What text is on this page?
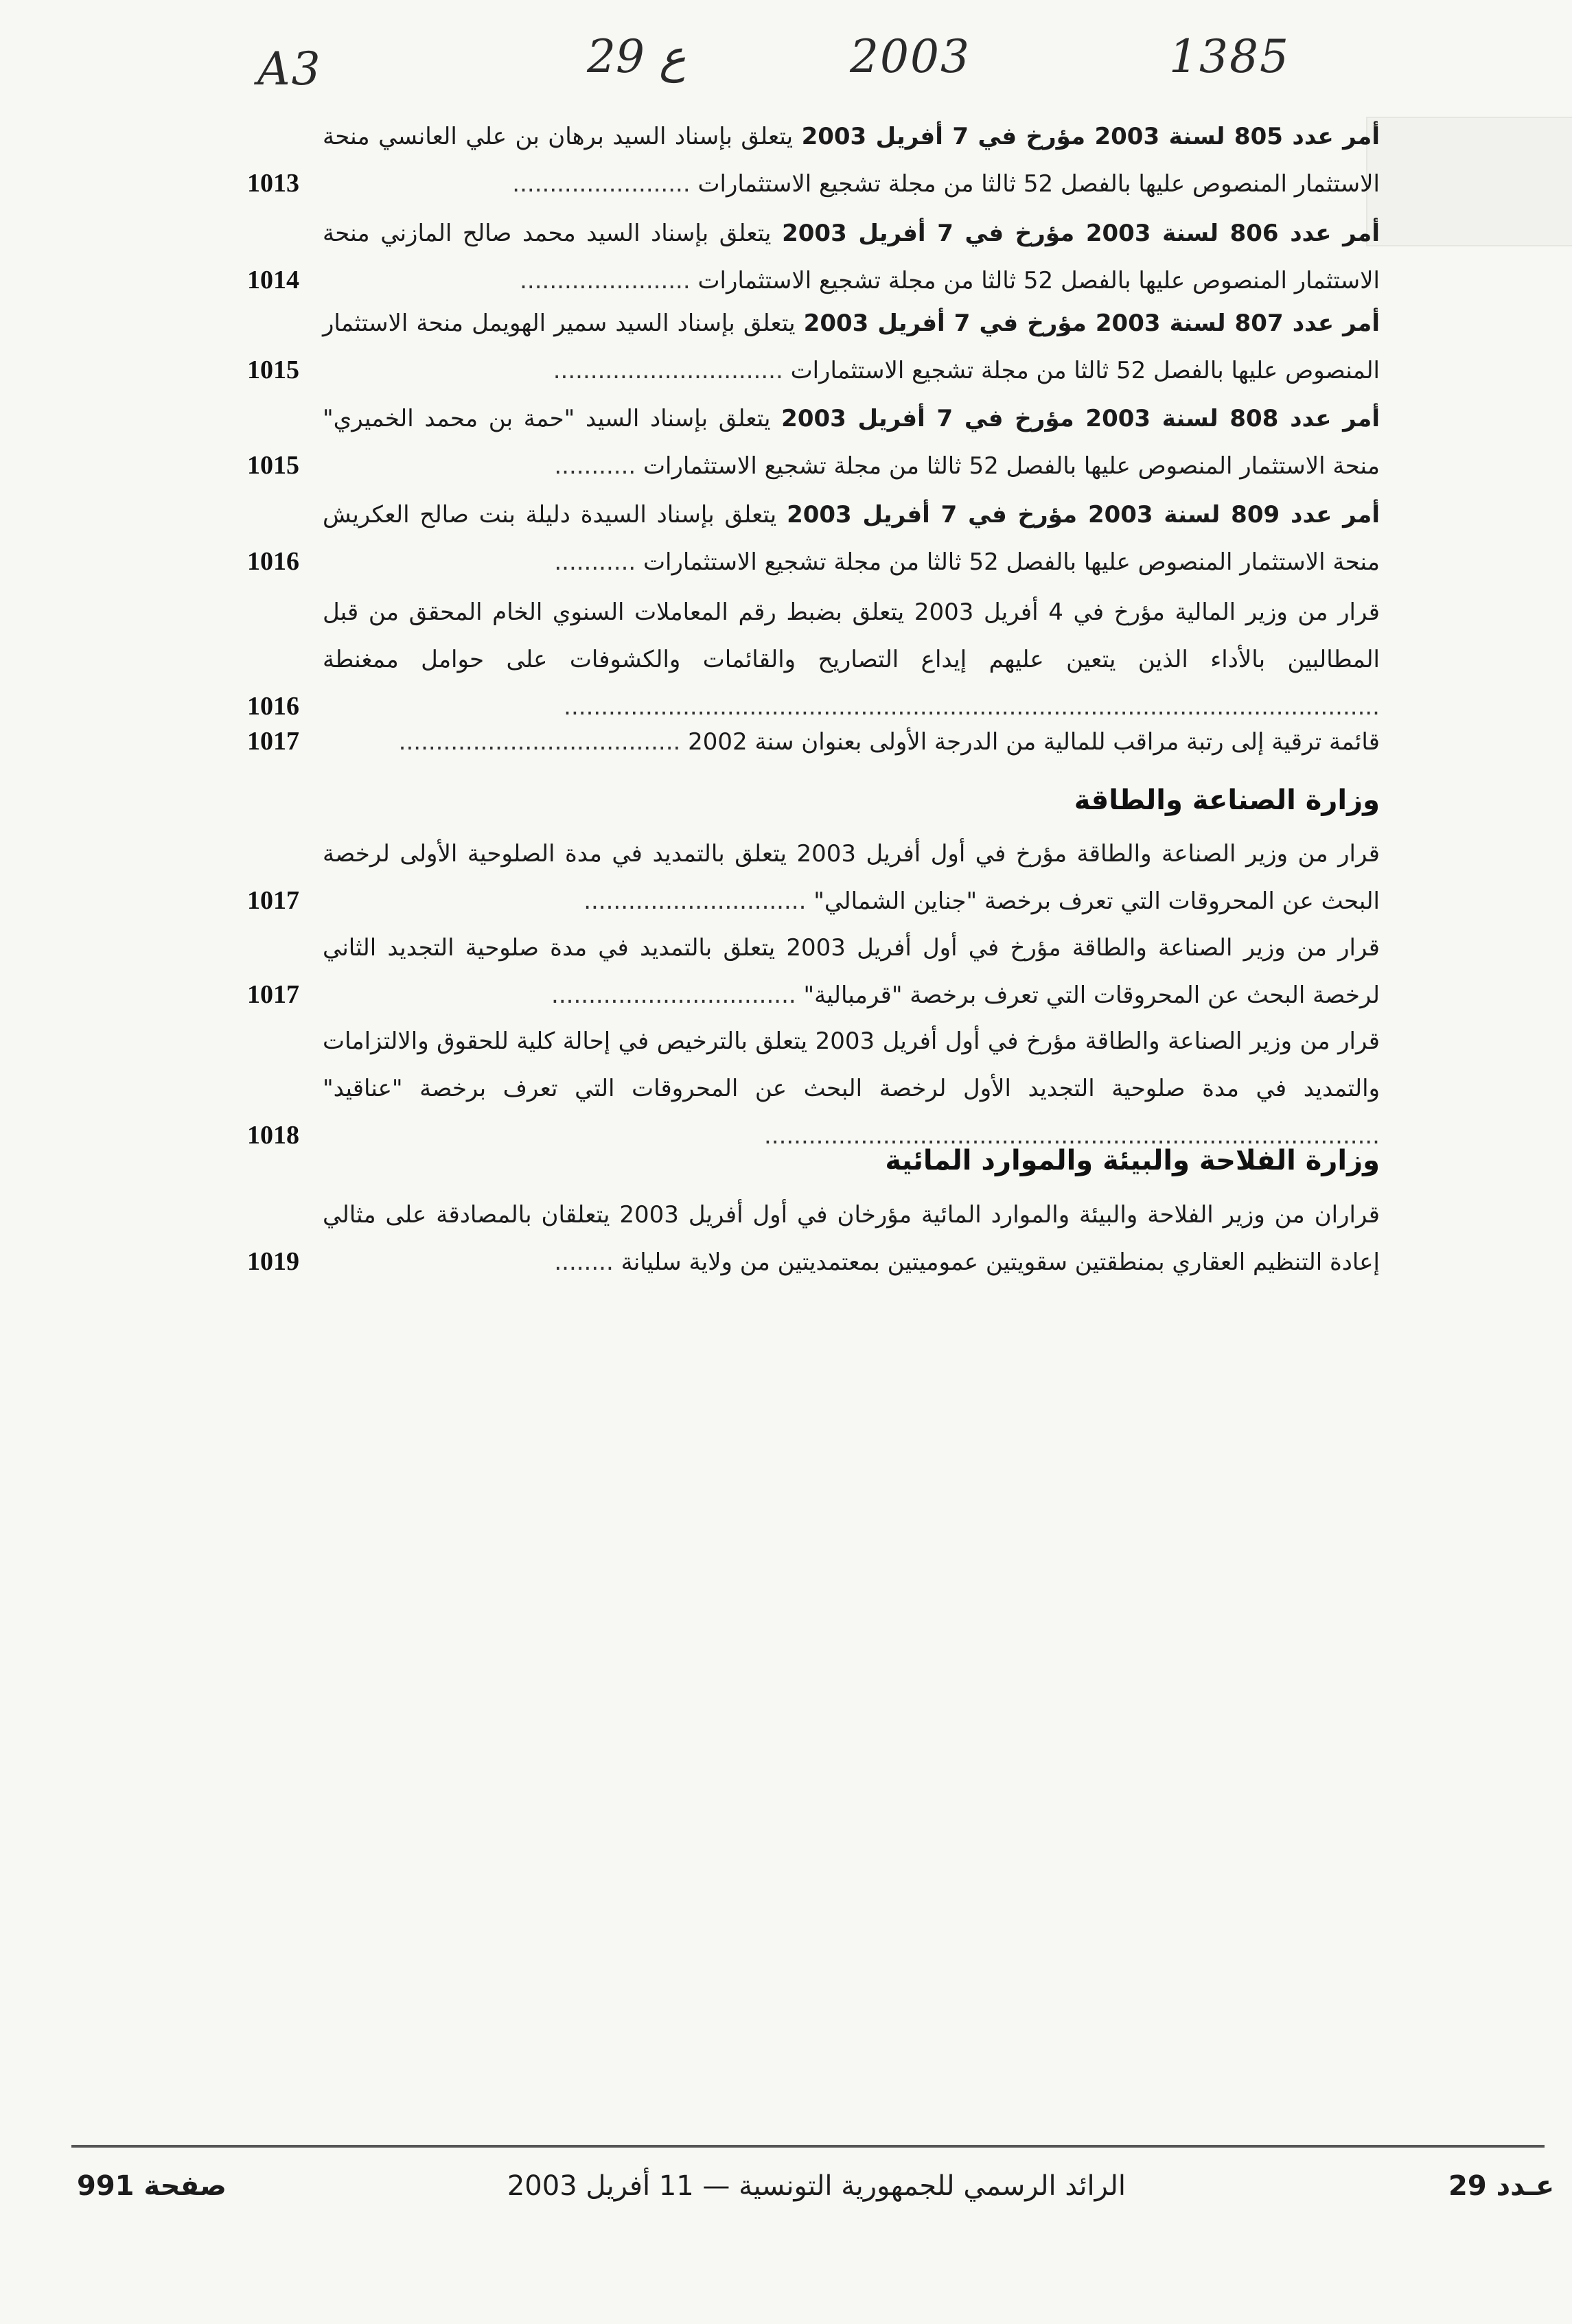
A3	29 ع	2003	1385
أمر عدد 805 لسنة 2003 مؤرخ في 7 أفريل 2003 يتعلق بإسناد السيد برهان بن علي العانسي منحة الاستثمار المنصوص عليها بالفصل 52 ثالثا من مجلة تشجيع الاستثمارات ........................
1013
أمر عدد 806 لسنة 2003 مؤرخ في 7 أفريل 2003 يتعلق بإسناد السيد محمد صالح المازني منحة الاستثمار المنصوص عليها بالفصل 52 ثالثا من مجلة تشجيع الاستثمارات .......................
1014
أمر عدد 807 لسنة 2003 مؤرخ في 7 أفريل 2003 يتعلق بإسناد السيد سمير الهويمل منحة الاستثمار المنصوص عليها بالفصل 52 ثالثا من مجلة تشجيع الاستثمارات ...............................
1015
أمر عدد 808 لسنة 2003 مؤرخ في 7 أفريل 2003 يتعلق بإسناد السيد "حمة بن محمد الخميري" منحة الاستثمار المنصوص عليها بالفصل 52 ثالثا من مجلة تشجيع الاستثمارات ...........
1015
أمر عدد 809 لسنة 2003 مؤرخ في 7 أفريل 2003 يتعلق بإسناد السيدة دليلة بنت صالح العكريش منحة الاستثمار المنصوص عليها بالفصل 52 ثالثا من مجلة تشجيع الاستثمارات ...........
1016
قرار من وزير المالية مؤرخ في 4 أفريل 2003 يتعلق بضبط رقم المعاملات السنوي الخام المحقق من قبل المطالبين بالأداء الذين يتعين عليهم إيداع التصاريح والقائمات والكشوفات على حوامل ممغنطة ..............................................................................................................
1016
قائمة ترقية إلى رتبة مراقب للمالية من الدرجة الأولى بعنوان سنة 2002 ......................................
1017
وزارة الصناعة والطاقة
قرار من وزير الصناعة والطاقة مؤرخ في أول أفريل 2003 يتعلق بالتمديد في مدة الصلوحية الأولى لرخصة البحث عن المحروقات التي تعرف برخصة "جناين الشمالي" ..............................
1017
قرار من وزير الصناعة والطاقة مؤرخ في أول أفريل 2003 يتعلق بالتمديد في مدة صلوحية التجديد الثاني لرخصة البحث عن المحروقات التي تعرف برخصة "قرمبالية" .................................
1017
قرار من وزير الصناعة والطاقة مؤرخ في أول أفريل 2003 يتعلق بالترخيص في إحالة كلية للحقوق والالتزامات والتمديد في مدة صلوحية التجديد الأول لرخصة البحث عن المحروقات التي تعرف برخصة "عناقيد" ...................................................................................
1018
وزارة الفلاحة والبيئة والموارد المائية
قراران من وزير الفلاحة والبيئة والموارد المائية مؤرخان في أول أفريل 2003 يتعلقان بالمصادقة على مثالي إعادة التنظيم العقاري بمنطقتين سقويتين عموميتين بمعتمديتين من ولاية سليانة ........
1019
صفحة 991	الرائد الرسمي للجمهورية التونسية — 11 أفريل 2003	عـدد 29
